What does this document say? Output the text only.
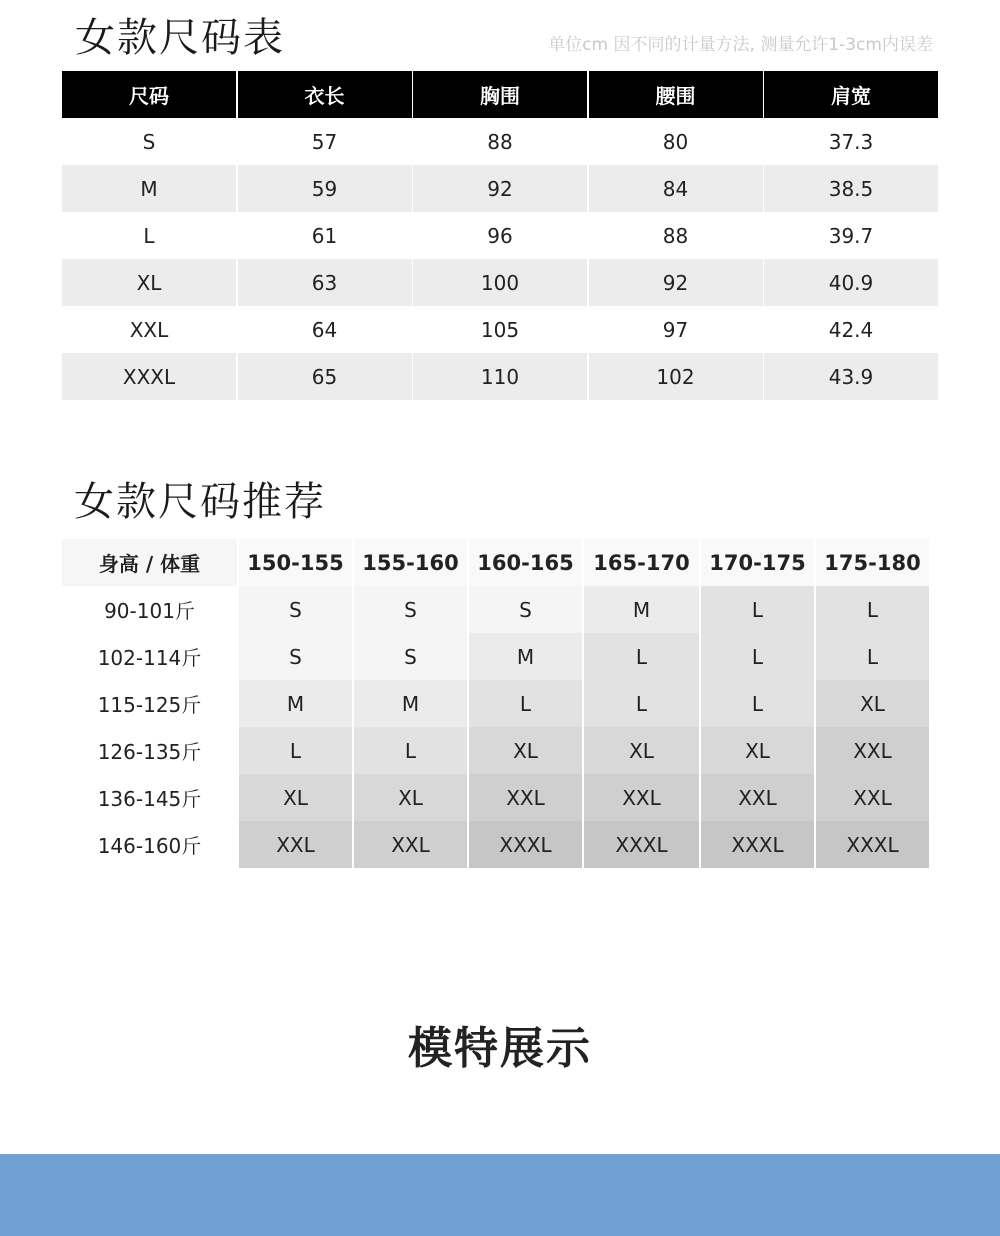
女款尺码表	单位cm 因不同的计量方法, 测量允许1-3cm内误差
尺码	衣长	胸围	腰围	肩宽
S	57	88	80	37.3
M	59	92	84	38.5
L	61	96	88	39.7
XL	63	100	92	40.9
XXL	64	105	97	42.4
XXXL	65	110	102	43.9
女款尺码推荐
身高 / 体重	150-155 155-160 160-165 165-170 170-175 175-180
90-101斤	S	S	S	M	L	L
102-114斤	S	S	M	L	L	L
115-125斤	M	M	L	L	L	XL
126-135斤	L	L	XL	XL	XL	XXL
136-145斤	XL	XL	XXL	XXL	XXL	XXL
146-160斤	XXL	XXL	XXXL	XXXL	XXXL	XXXL
模特展示
